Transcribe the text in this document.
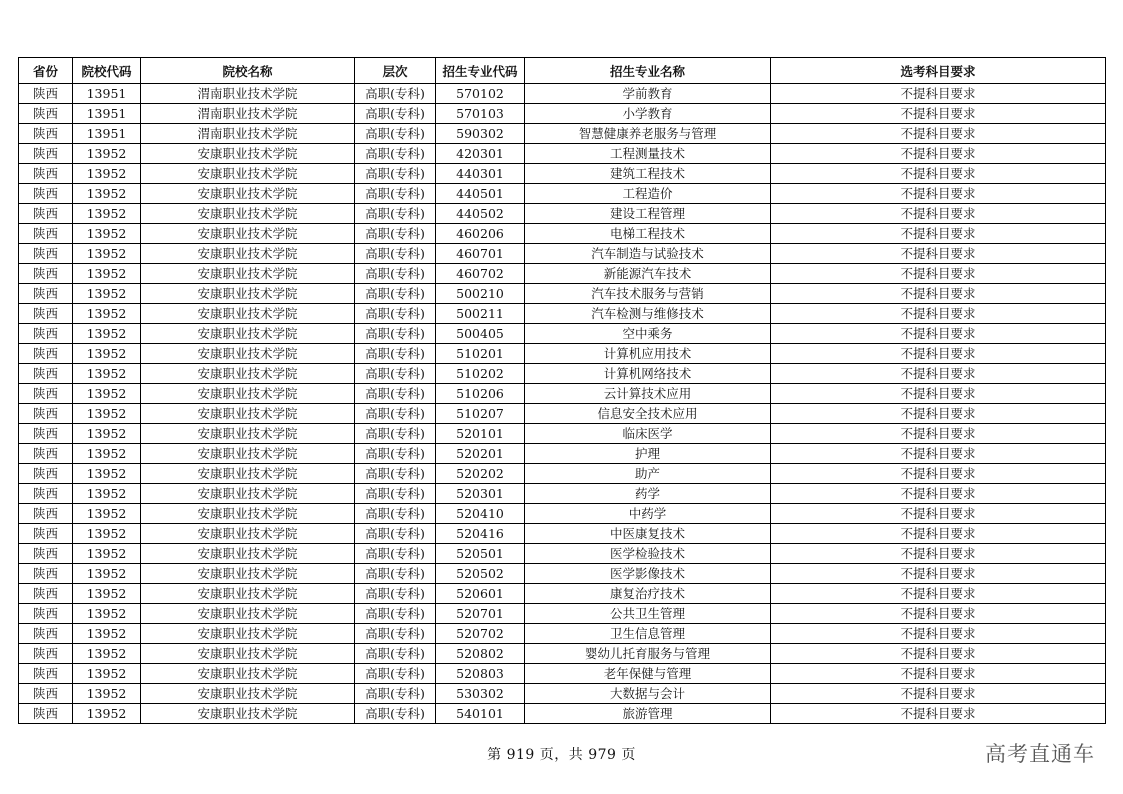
省份	院校代码	院校名称	层次	招生专业代码	招生专业名称	选考科目要求
陕西	13951	渭南职业技术学院	高职(专科)	570102	学前教育	不提科目要求
陕西	13951	渭南职业技术学院	高职(专科)	570103	小学教育	不提科目要求
陕西	13951	渭南职业技术学院	高职(专科)	590302	智慧健康养老服务与管理	不提科目要求
陕西	13952	安康职业技术学院	高职(专科)	420301	工程测量技术	不提科目要求
陕西	13952	安康职业技术学院	高职(专科)	440301	建筑工程技术	不提科目要求
陕西	13952	安康职业技术学院	高职(专科)	440501	工程造价	不提科目要求
陕西	13952	安康职业技术学院	高职(专科)	440502	建设工程管理	不提科目要求
陕西	13952	安康职业技术学院	高职(专科)	460206	电梯工程技术	不提科目要求
陕西	13952	安康职业技术学院	高职(专科)	460701	汽车制造与试验技术	不提科目要求
陕西	13952	安康职业技术学院	高职(专科)	460702	新能源汽车技术	不提科目要求
陕西	13952	安康职业技术学院	高职(专科)	500210	汽车技术服务与营销	不提科目要求
陕西	13952	安康职业技术学院	高职(专科)	500211	汽车检测与维修技术	不提科目要求
陕西	13952	安康职业技术学院	高职(专科)	500405	空中乘务	不提科目要求
陕西	13952	安康职业技术学院	高职(专科)	510201	计算机应用技术	不提科目要求
陕西	13952	安康职业技术学院	高职(专科)	510202	计算机网络技术	不提科目要求
陕西	13952	安康职业技术学院	高职(专科)	510206	云计算技术应用	不提科目要求
陕西	13952	安康职业技术学院	高职(专科)	510207	信息安全技术应用	不提科目要求
陕西	13952	安康职业技术学院	高职(专科)	520101	临床医学	不提科目要求
陕西	13952	安康职业技术学院	高职(专科)	520201	护理	不提科目要求
陕西	13952	安康职业技术学院	高职(专科)	520202	助产	不提科目要求
陕西	13952	安康职业技术学院	高职(专科)	520301	药学	不提科目要求
陕西	13952	安康职业技术学院	高职(专科)	520410	中药学	不提科目要求
陕西	13952	安康职业技术学院	高职(专科)	520416	中医康复技术	不提科目要求
陕西	13952	安康职业技术学院	高职(专科)	520501	医学检验技术	不提科目要求
陕西	13952	安康职业技术学院	高职(专科)	520502	医学影像技术	不提科目要求
陕西	13952	安康职业技术学院	高职(专科)	520601	康复治疗技术	不提科目要求
陕西	13952	安康职业技术学院	高职(专科)	520701	公共卫生管理	不提科目要求
陕西	13952	安康职业技术学院	高职(专科)	520702	卫生信息管理	不提科目要求
陕西	13952	安康职业技术学院	高职(专科)	520802	婴幼儿托育服务与管理	不提科目要求
陕西	13952	安康职业技术学院	高职(专科)	520803	老年保健与管理	不提科目要求
陕西	13952	安康职业技术学院	高职(专科)	530302	大数据与会计	不提科目要求
陕西	13952	安康职业技术学院	高职(专科)	540101	旅游管理	不提科目要求
第 919 页，共 979 页	高考直通车
